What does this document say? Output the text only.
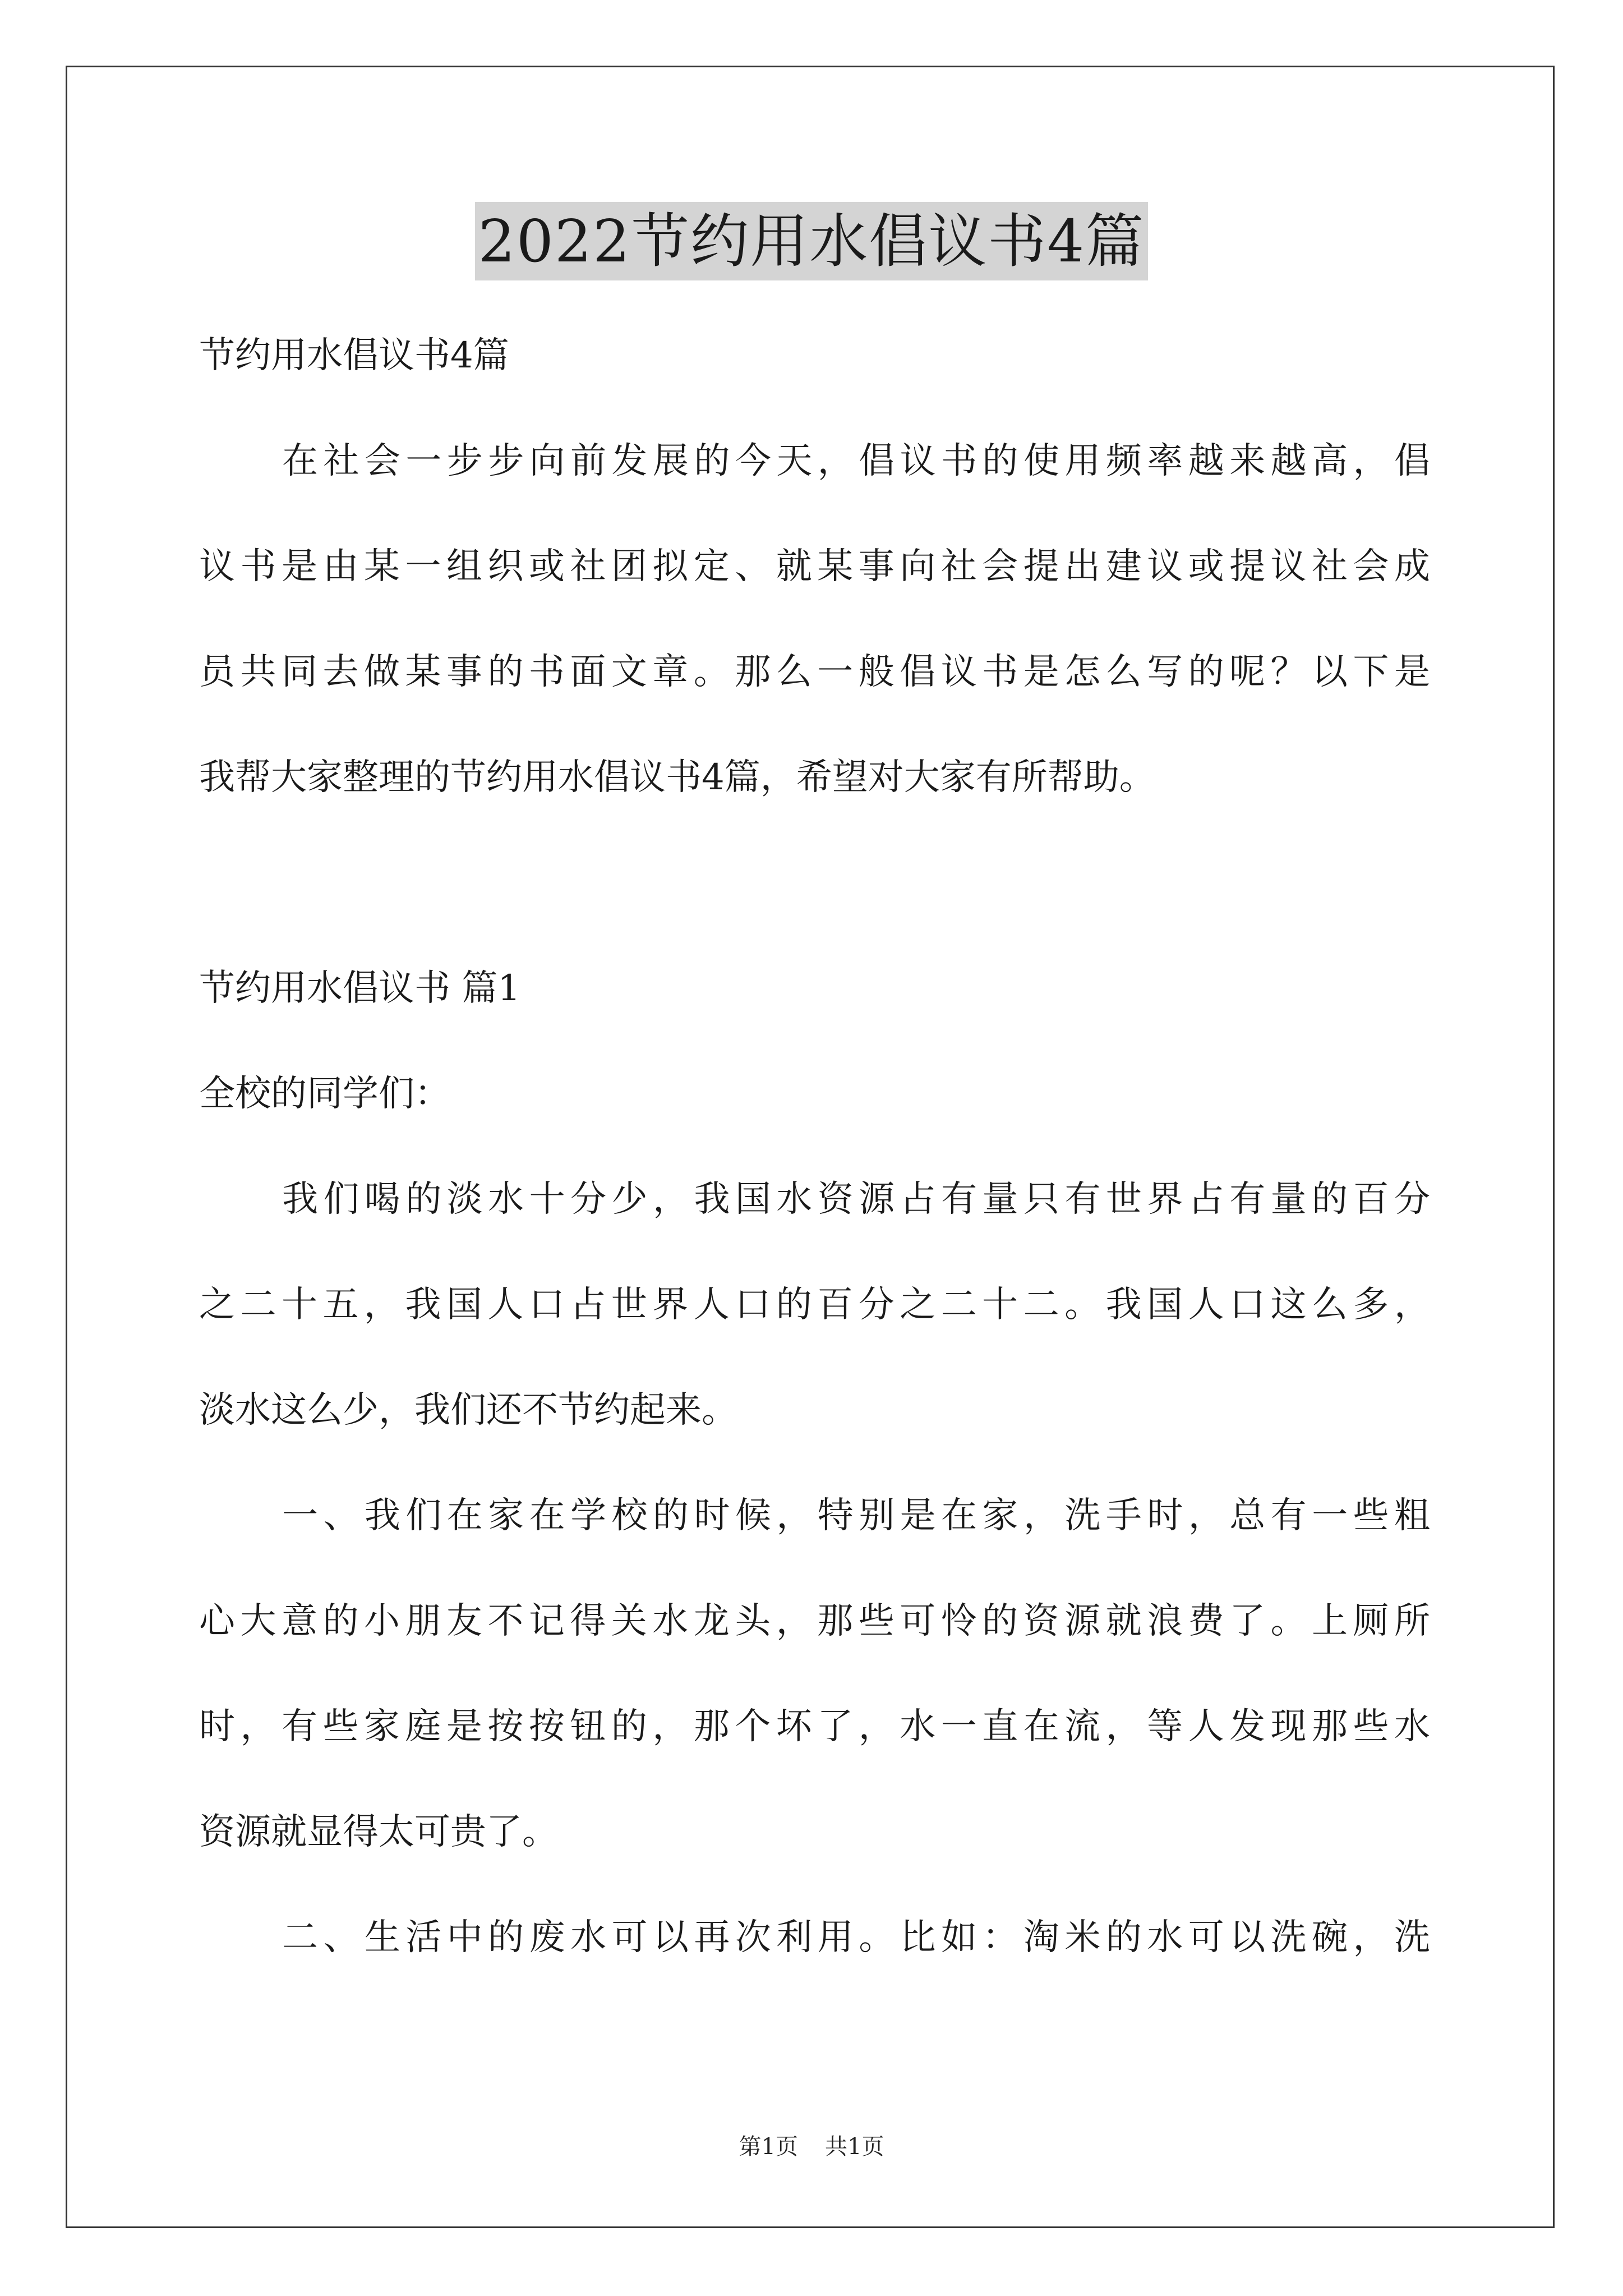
2022节约用水倡议书4篇
节约用水倡议书4篇
在社会一步步向前发展的今天，倡议书的使用频率越来越高，倡
议书是由某一组织或社团拟定、就某事向社会提出建议或提议社会成
员共同去做某事的书面文章。那么一般倡议书是怎么写的呢？以下是
我帮大家整理的节约用水倡议书4篇，希望对大家有所帮助。
节约用水倡议书 篇1
全校的同学们：
我们喝的淡水十分少，我国水资源占有量只有世界占有量的百分
之二十五，我国人口占世界人口的百分之二十二。我国人口这么多，
淡水这么少，我们还不节约起来。
一、我们在家在学校的时候，特别是在家，洗手时，总有一些粗
心大意的小朋友不记得关水龙头，那些可怜的资源就浪费了。上厕所
时，有些家庭是按按钮的，那个坏了，水一直在流，等人发现那些水
资源就显得太可贵了。
二、生活中的废水可以再次利用。比如：淘米的水可以洗碗，洗
第1页 共1页
